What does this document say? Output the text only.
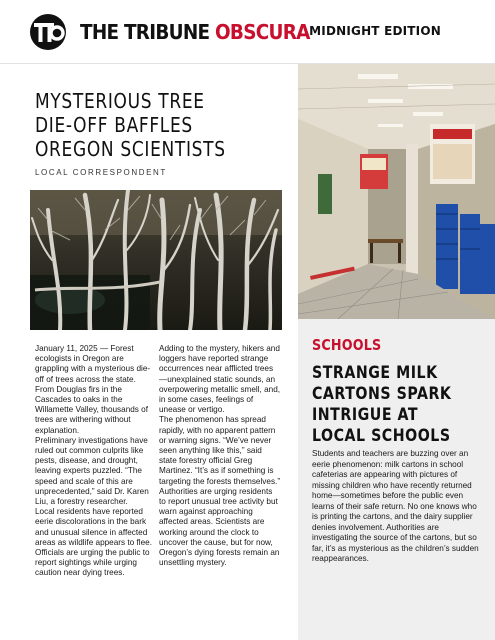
THE TRIBUNE OBSCURA MIDNIGHT EDITION
MYSTERIOUS TREE DIE-OFF BAFFLES OREGON SCIENTISTS
LOCAL CORRESPONDENT

January 11, 2025 — Forest ecologists in Oregon are grappling with a mysterious die-off of trees across the state. From Douglas firs in the Cascades to oaks in the Willamette Valley, thousands of trees are withering without explanation.

Preliminary investigations have ruled out common culprits like pests, disease, and drought, leaving experts puzzled. “The speed and scale of this are unprecedented,” said Dr. Karen Liu, a forestry researcher.

Local residents have reported eerie discolorations in the bark and unusual silence in affected areas as wildlife appears to flee. Officials are urging the public to report sightings while urging caution near dying trees.

Adding to the mystery, hikers and loggers have reported strange occurrences near afflicted trees—unexplained static sounds, an overpowering metallic smell, and, in some cases, feelings of unease or vertigo.

The phenomenon has spread rapidly, with no apparent pattern or warning signs. “We’ve never seen anything like this,” said state forestry official Greg Martinez. “It’s as if something is targeting the forests themselves.”

Authorities are urging residents to report unusual tree activity but warn against approaching affected areas. Scientists are working around the clock to uncover the cause, but for now, Oregon’s dying forests remain an unsettling mystery.

SCHOOLS
STRANGE MILK CARTONS SPARK INTRIGUE AT LOCAL SCHOOLS

Students and teachers are buzzing over an eerie phenomenon: milk cartons in school cafeterias are appearing with pictures of missing children who have recently returned home—sometimes before the public even learns of their safe return. No one knows who is printing the cartons, and the dairy supplier denies involvement. Authorities are investigating the source of the cartons, but so far, it’s as mysterious as the children’s sudden reappearances.
